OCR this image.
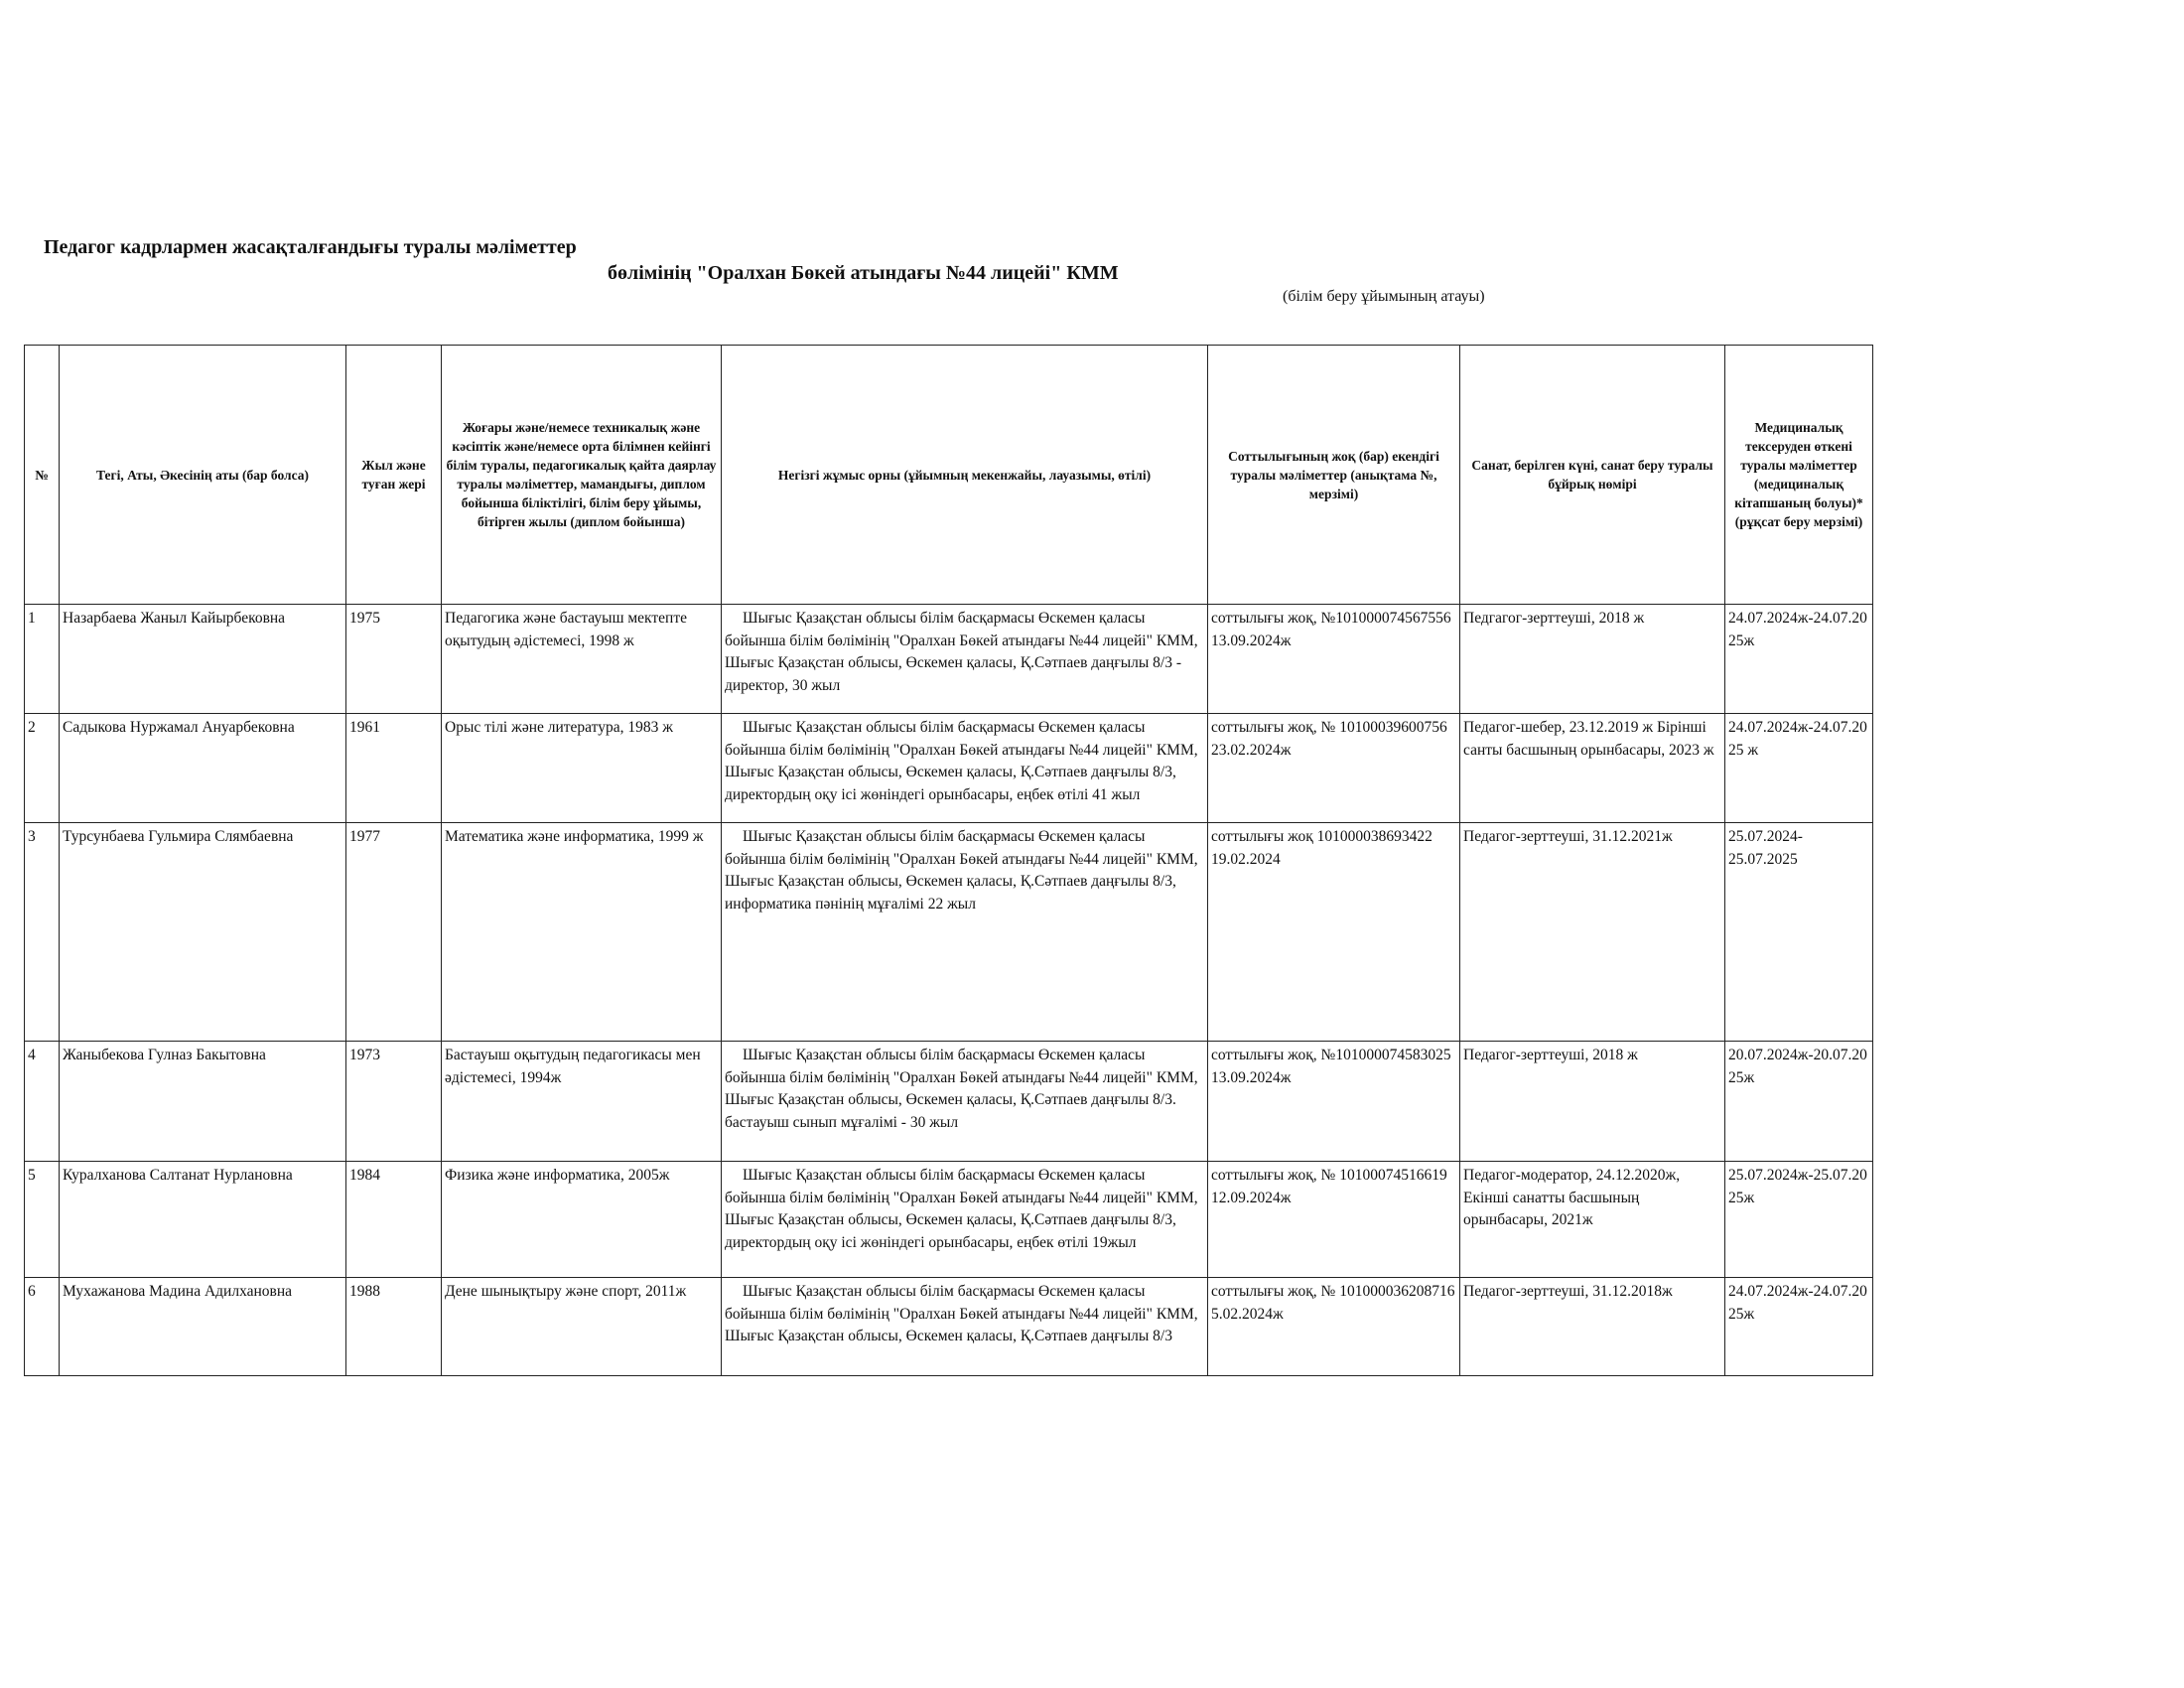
Педагог кадрлармен жасақталғандығы туралы мәліметтер
бөлімінің "Оралхан Бөкей атындағы №44 лицейі" КММ
(білім беру ұйымының атауы)
№	Тегі, Аты, Әкесінің аты (бар болса)	Жыл және туған жері	Жоғары және/немесе техникалық және кәсіптік және/немесе орта білімнен кейінгі білім туралы, педагогикалық қайта даярлау туралы мәліметтер, мамандығы, диплом бойынша біліктілігі, білім беру ұйымы, бітірген жылы (диплом бойынша)	Негізгі жұмыс орны (ұйымның мекенжайы, лауазымы, өтілі)	Соттылығының жоқ (бар) екендігі туралы мәліметтер (анықтама №, мерзімі)	Санат, берілген күні, санат беру туралы бұйрық нөмірі	Медициналық тексеруден өткені туралы мәліметтер (медициналық кітапшаның болуы)* (рұқсат беру мерзімі)
1	Назарбаева Жаныл Кайырбековна	1975	Педагогика және бастауыш мектепте оқытудың әдістемесі, 1998 ж	Шығыс Қазақстан облысы білім басқармасы Өскемен қаласы бойынша білім бөлімінің "Оралхан Бөкей атындағы №44 лицейі" КММ, Шығыс Қазақстан облысы, Өскемен қаласы, Қ.Сәтпаев даңғылы 8/3 - директор, 30 жыл	соттылығы жоқ, №101000074567556 13.09.2024ж	Педгагог-зерттеуші, 2018 ж	24.07.2024ж-24.07.2025ж
2	Садыкова Нуржамал Ануарбековна	1961	Орыс тілі және литература, 1983 ж	Шығыс Қазақстан облысы білім басқармасы Өскемен қаласы бойынша білім бөлімінің "Оралхан Бөкей атындағы №44 лицейі" КММ, Шығыс Қазақстан облысы, Өскемен қаласы, Қ.Сәтпаев даңғылы 8/3, директордың оқу ісі жөніндегі орынбасары, еңбек өтілі 41 жыл	соттылығы жоқ, № 10100039600756 23.02.2024ж	Педагог-шебер, 23.12.2019 ж Бірінші санты басшының орынбасары, 2023 ж	24.07.2024ж-24.07.2025 ж
3	Турсунбаева Гульмира Слямбаевна	1977	Математика және информатика, 1999 ж	Шығыс Қазақстан облысы білім басқармасы Өскемен қаласы бойынша білім бөлімінің "Оралхан Бөкей атындағы №44 лицейі" КММ, Шығыс Қазақстан облысы, Өскемен қаласы, Қ.Сәтпаев даңғылы 8/3, информатика пәнінің мұғалімі 22 жыл	соттылығы жоқ 101000038693422 19.02.2024	Педагог-зерттеуші, 31.12.2021ж	25.07.2024-25.07.2025
4	Жаныбекова Гулназ Бакытовна	1973	Бастауыш оқытудың педагогикасы мен әдістемесі, 1994ж	Шығыс Қазақстан облысы білім басқармасы Өскемен қаласы бойынша білім бөлімінің "Оралхан Бөкей атындағы №44 лицейі" КММ, Шығыс Қазақстан облысы, Өскемен қаласы, Қ.Сәтпаев даңғылы 8/3. бастауыш сынып мұғалімі - 30 жыл	соттылығы жоқ, №101000074583025 13.09.2024ж	Педагог-зерттеуші, 2018 ж	20.07.2024ж-20.07.2025ж
5	Куралханова Салтанат Нурлановна	1984	Физика және информатика, 2005ж	Шығыс Қазақстан облысы білім басқармасы Өскемен қаласы бойынша білім бөлімінің "Оралхан Бөкей атындағы №44 лицейі" КММ, Шығыс Қазақстан облысы, Өскемен қаласы, Қ.Сәтпаев даңғылы 8/3, директордың оқу ісі жөніндегі орынбасары, еңбек өтілі 19жыл	соттылығы жоқ, № 10100074516619 12.09.2024ж	Педагог-модератор, 24.12.2020ж, Екінші санатты басшының орынбасары, 2021ж	25.07.2024ж-25.07.2025ж
6	Мухажанова Мадина Адилхановна	1988	Дене шынықтыру және спорт, 2011ж	Шығыс Қазақстан облысы білім басқармасы Өскемен қаласы бойынша білім бөлімінің "Оралхан Бөкей атындағы №44 лицейі" КММ, Шығыс Қазақстан облысы, Өскемен қаласы, Қ.Сәтпаев даңғылы 8/3	соттылығы жоқ, № 101000036208716 5.02.2024ж	Педагог-зерттеуші, 31.12.2018ж	24.07.2024ж-24.07.2025ж
